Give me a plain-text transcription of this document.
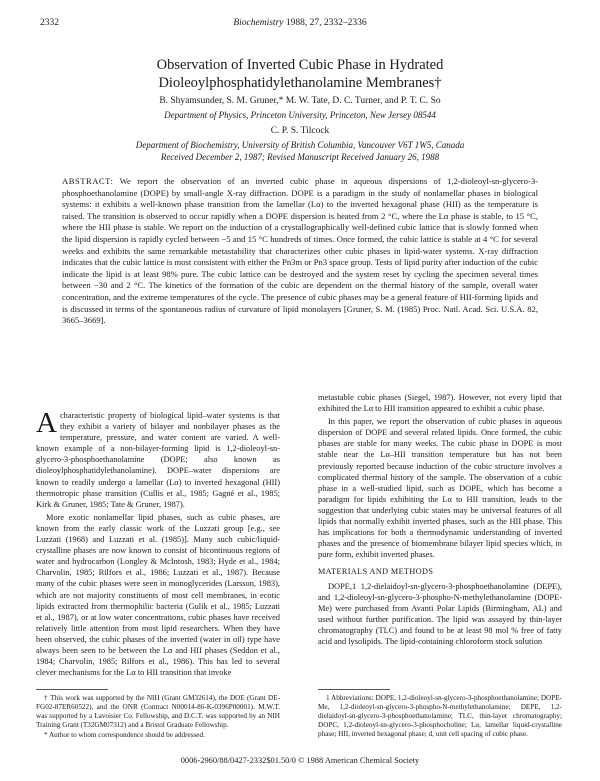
2332	Biochemistry 1988, 27, 2332–2336
Observation of Inverted Cubic Phase in Hydrated
Dioleoylphosphatidylethanolamine Membranes†
B. Shyamsunder, S. M. Gruner,* M. W. Tate, D. C. Turner, and P. T. C. So
Department of Physics, Princeton University, Princeton, New Jersey 08544
C. P. S. Tilcock
Department of Biochemistry, University of British Columbia, Vancouver V6T 1W5, Canada
Received December 2, 1987; Revised Manuscript Received January 26, 1988
ABSTRACT: We report the observation of an inverted cubic phase in aqueous dispersions of 1,2-dioleoyl-sn-glycero-3-phosphoethanolamine (DOPE) by small-angle X-ray diffraction. DOPE is a paradigm in the study of nonlamellar phases in biological systems: it exhibits a well-known phase transition from the lamellar (Lα) to the inverted hexagonal phase (HII) as the temperature is raised. The transition is observed to occur rapidly when a DOPE dispersion is heated from 2 °C, where the Lα phase is stable, to 15 °C, where the HII phase is stable. We report on the induction of a crystallographically well-defined cubic lattice that is slowly formed when the lipid dispersion is rapidly cycled between −5 and 15 °C hundreds of times. Once formed, the cubic lattice is stable at 4 °C for several weeks and exhibits the same remarkable metastability that characterizes other cubic phases in lipid-water systems. X-ray diffraction indicates that the cubic lattice is most consistent with either the Pn3m or Pn3 space group. Tests of lipid purity after induction of the cubic indicate the lipid is at least 98% pure. The cubic lattice can be destroyed and the system reset by cycling the specimen several times between −30 and 2 °C. The kinetics of the formation of the cubic are dependent on the thermal history of the sample, overall water concentration, and the extreme temperatures of the cycle. The presence of cubic phases may be a general feature of HII-forming lipids and is discussed in terms of the spontaneous radius of curvature of lipid monolayers [Gruner, S. M. (1985) Proc. Natl. Acad. Sci. U.S.A. 82, 3665–3669].

Acharacteristic property of biological lipid–water systems is that they exhibit a variety of bilayer and nonbilayer phases as the temperature, pressure, and water content are varied. A well-known example of a non-bilayer-forming lipid is 1,2-dioleoyl-sn-glycero-3-phosphoethanolamine (DOPE; also known as dioleoylphosphatidylethanolamine). DOPE–water dispersions are known to readily undergo a lamellar (Lα) to inverted hexagonal (HII) thermotropic phase transition (Cullis et al., 1985; Gagné et al., 1985; Kirk & Gruner, 1985; Tate & Gruner, 1987).

More exotic nonlamellar lipid phases, such as cubic phases, are known from the early classic work of the Luzzati group [e.g., see Luzzati (1968) and Luzzati et al. (1985)]. Many such cubic/liquid-crystalline phases are now known to consist of bicontinuous regions of water and hydrocarbon (Longley & McIntosh, 1983; Hyde et al., 1984; Charvolin, 1985; Rilfors et al., 1986; Luzzati et al., 1987). Because many of the cubic phases were seen in monoglycerides (Larsson, 1983), which are not majority constituents of most cell membranes, in ecotic lipids extracted from thermophilic bacteria (Gulik et al., 1985; Luzzati et al., 1987), or at low water concentrations, cubic phases have received relatively little attention from most lipid researchers. When they have been observed, the cubic phases of the inverted (water in oil) type have always been seen to be between the Lα and HII phases (Seddon et al., 1984; Charvolin, 1985; Rilfors et al., 1986). This has led to several clever mechanisms for the Lα to HII transition that invoke

metastable cubic phases (Siegel, 1987). However, not every lipid that exhibited the Lα to HII transition appeared to exhibit a cubic phase.

In this paper, we report the observation of cubic phases in aqueous dispersion of DOPE and several related lipids. Once formed, the cubic phases are stable for many weeks. The cubic phase in DOPE is most stable near the Lα–HII transition temperature but has not been previously reported because induction of the cubic structure involves a complicated thermal history of the sample. The observation of a cubic phase in a well-studied lipid, such as DOPE, which has become a paradigm for lipids exhibiting the Lα to HII transition, leads to the suggestion that underlying cubic states may be universal features of all lipids that normally exhibit inverted phases, such as the HII phase. This has implications for both a thermodynamic understanding of inverted phases and the presence of biomembrane bilayer lipid species which, in pure form, exhibit inverted phases.

MATERIALS AND METHODS

DOPE,1 1,2-dielaidoyl-sn-glycero-3-phosphoethanolamine (DEPE), and 1,2-dioleoyl-sn-glycero-3-phospho-N-methylethanolamine (DOPE-Me) were purchased from Avanti Polar Lipids (Birmingham, AL) and used without further purification. The lipid was assayed by thin-layer chromatography (TLC) and found to be at least 98 mol % free of fatty acid and lysolipids. The lipid-containing chloroform stock solution

† This work was supported by the NIH (Grant GM32614), the DOE (Grant DE-FG02-87ER60522), and the ONR (Contract N00014-86-K-0396P00001). M.W.T. was supported by a Lavoisier Co. Fellowship, and D.C.T. was supported by an NIH Training Grant (T32GM07312) and a Bristol Graduate Fellowship.

* Author to whom correspondence should be addressed.

1 Abbreviations: DOPE, 1,2-dioleoyl-sn-glycero-3-phosphoethanolamine; DOPE-Me, 1,2-dioleoyl-sn-glycero-3-phospho-N-methylethanolamine; DEPE, 1,2-dielaidoyl-sn-glycero-3-phosphoethanolamine; TLC, thin-layer chromatography; DOPC, 1,2-dioleoyl-sn-glycero-3-phosphocholine; Lα, lamellar liquid-crystalline phase; HII, inverted hexagonal phase; d, unit cell spacing of cubic phase.

0006-2960/88/0427-2332$01.50/0 © 1988 American Chemical Society
